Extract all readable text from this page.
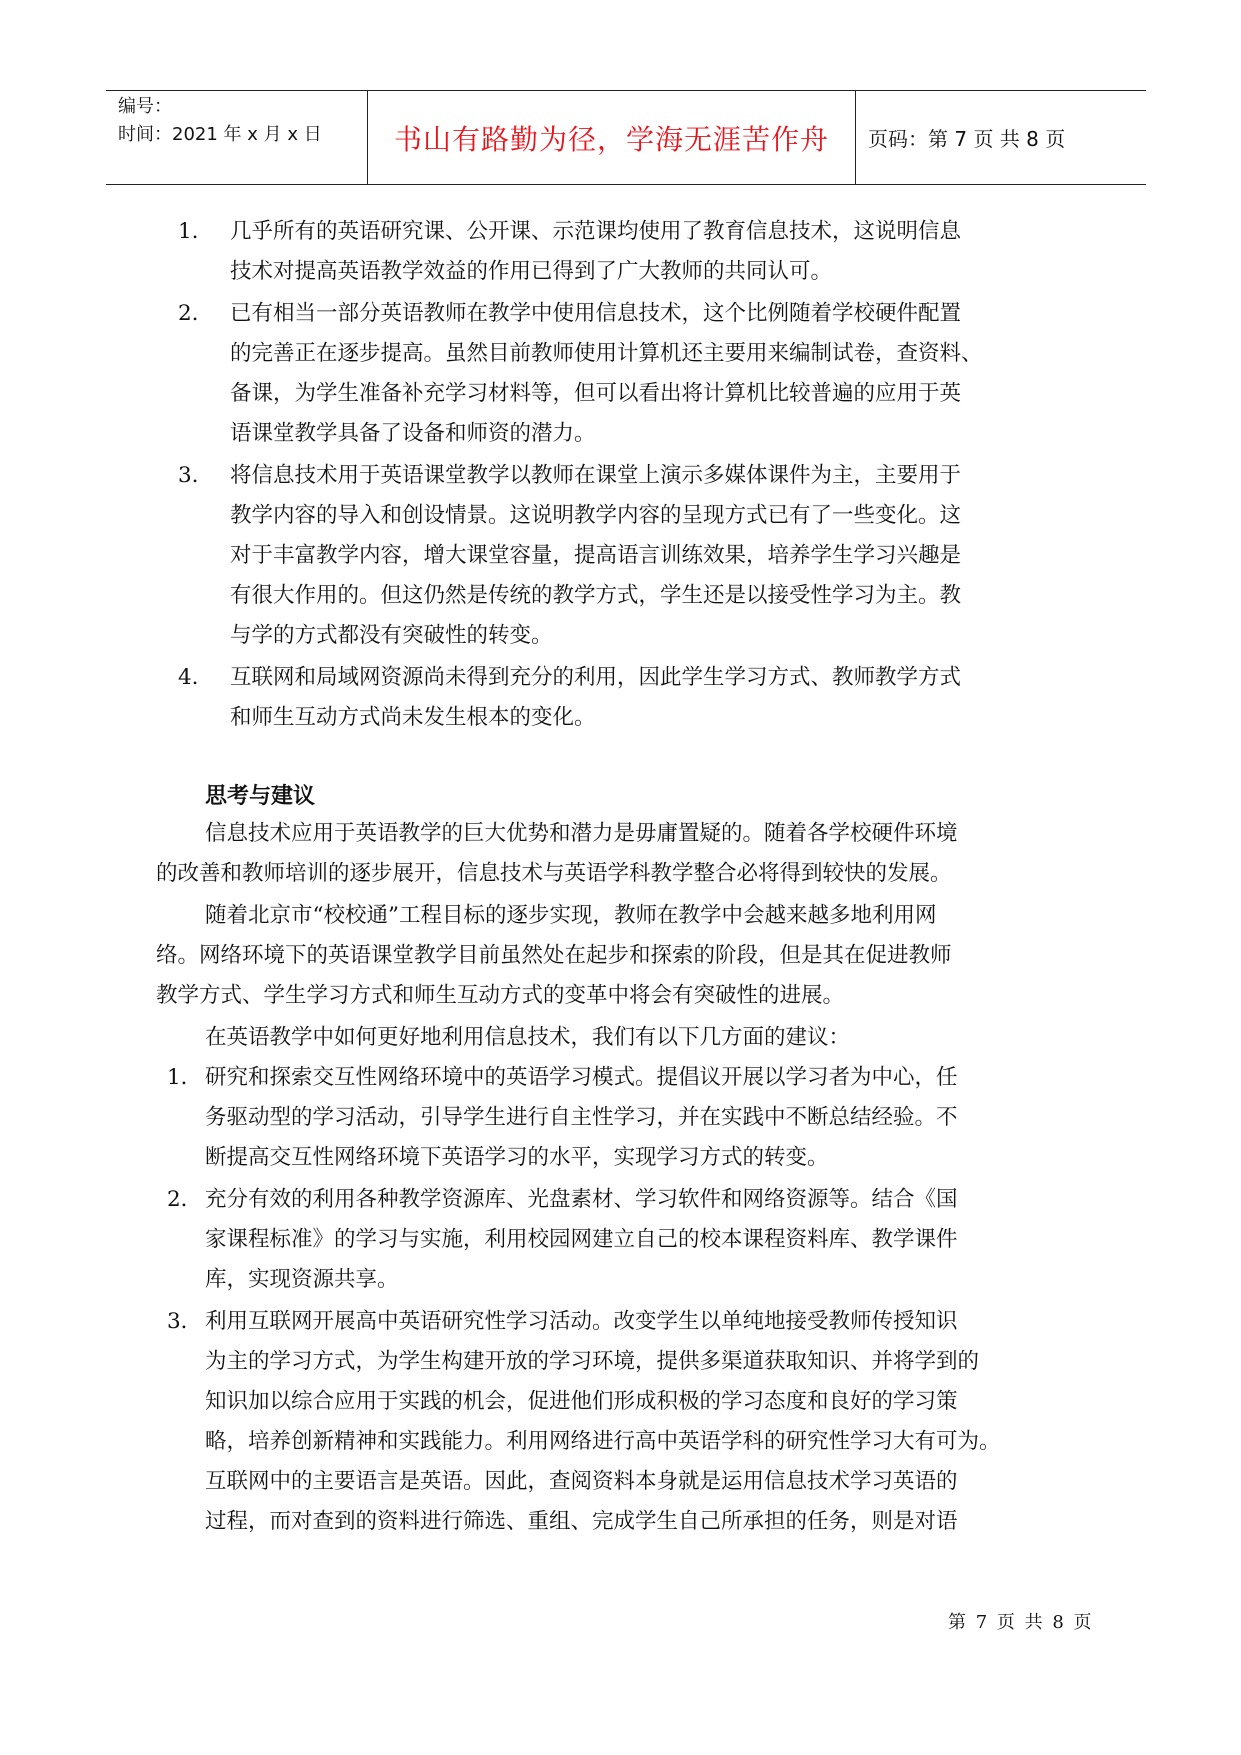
编号：
时间：2021 年 x 月 x 日	书山有路勤为径，学海无涯苦作舟 页码：第 7 页 共 8 页
1. 几乎所有的英语研究课、公开课、示范课均使用了教育信息技术，这说明信息
技术对提高英语教学效益的作用已得到了广大教师的共同认可。
2. 已有相当一部分英语教师在教学中使用信息技术，这个比例随着学校硬件配置
的完善正在逐步提高。虽然目前教师使用计算机还主要用来编制试卷，查资料、
备课，为学生准备补充学习材料等，但可以看出将计算机比较普遍的应用于英
语课堂教学具备了设备和师资的潜力。
3. 将信息技术用于英语课堂教学以教师在课堂上演示多媒体课件为主，主要用于
教学内容的导入和创设情景。这说明教学内容的呈现方式已有了一些变化。这
对于丰富教学内容，增大课堂容量，提高语言训练效果，培养学生学习兴趣是
有很大作用的。但这仍然是传统的教学方式，学生还是以接受性学习为主。教
与学的方式都没有突破性的转变。
4. 互联网和局域网资源尚未得到充分的利用，因此学生学习方式、教师教学方式
和师生互动方式尚未发生根本的变化。
思考与建议
信息技术应用于英语教学的巨大优势和潜力是毋庸置疑的。随着各学校硬件环境
的改善和教师培训的逐步展开，信息技术与英语学科教学整合必将得到较快的发展。
随着北京市“校校通”工程目标的逐步实现，教师在教学中会越来越多地利用网
络。网络环境下的英语课堂教学目前虽然处在起步和探索的阶段，但是其在促进教师
教学方式、学生学习方式和师生互动方式的变革中将会有突破性的进展。
在英语教学中如何更好地利用信息技术，我们有以下几方面的建议：
1． 研究和探索交互性网络环境中的英语学习模式。提倡议开展以学习者为中心，任
务驱动型的学习活动，引导学生进行自主性学习，并在实践中不断总结经验。不
断提高交互性网络环境下英语学习的水平，实现学习方式的转变。
2． 充分有效的利用各种教学资源库、光盘素材、学习软件和网络资源等。结合《国
家课程标准》的学习与实施，利用校园网建立自己的校本课程资料库、教学课件
库，实现资源共享。
3． 利用互联网开展高中英语研究性学习活动。改变学生以单纯地接受教师传授知识
为主的学习方式，为学生构建开放的学习环境，提供多渠道获取知识、并将学到的
知识加以综合应用于实践的机会，促进他们形成积极的学习态度和良好的学习策
略，培养创新精神和实践能力。利用网络进行高中英语学科的研究性学习大有可为。
互联网中的主要语言是英语。因此，查阅资料本身就是运用信息技术学习英语的
过程，而对查到的资料进行筛选、重组、完成学生自己所承担的任务，则是对语
第 7 页 共 8 页
